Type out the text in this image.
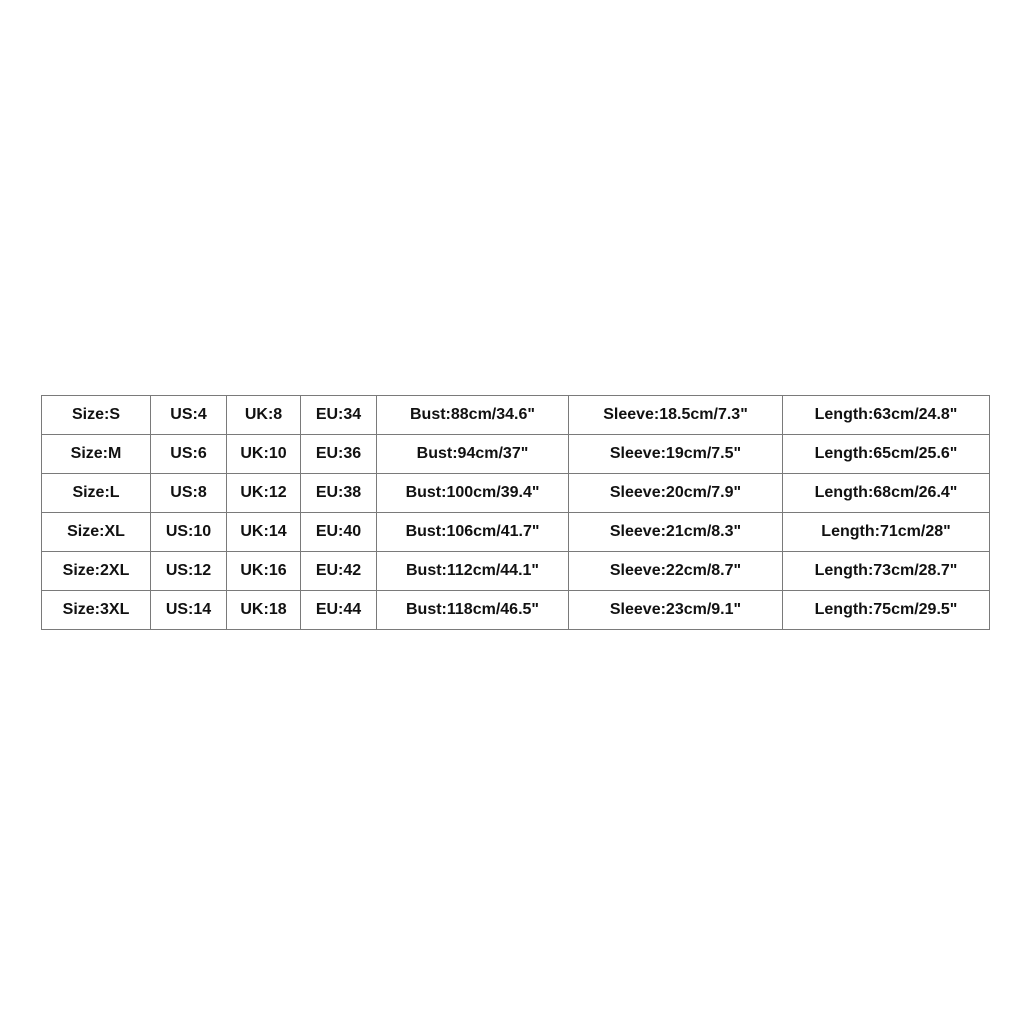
Size:S	US:4	UK:8	EU:34	Bust:88cm/34.6"	Sleeve:18.5cm/7.3"	Length:63cm/24.8"
Size:M	US:6	UK:10	EU:36	Bust:94cm/37"	Sleeve:19cm/7.5"	Length:65cm/25.6"
Size:L	US:8	UK:12	EU:38	Bust:100cm/39.4"	Sleeve:20cm/7.9"	Length:68cm/26.4"
Size:XL	US:10	UK:14	EU:40	Bust:106cm/41.7"	Sleeve:21cm/8.3"	Length:71cm/28"
Size:2XL	US:12	UK:16	EU:42	Bust:112cm/44.1"	Sleeve:22cm/8.7"	Length:73cm/28.7"
Size:3XL	US:14	UK:18	EU:44	Bust:118cm/46.5"	Sleeve:23cm/9.1"	Length:75cm/29.5"
